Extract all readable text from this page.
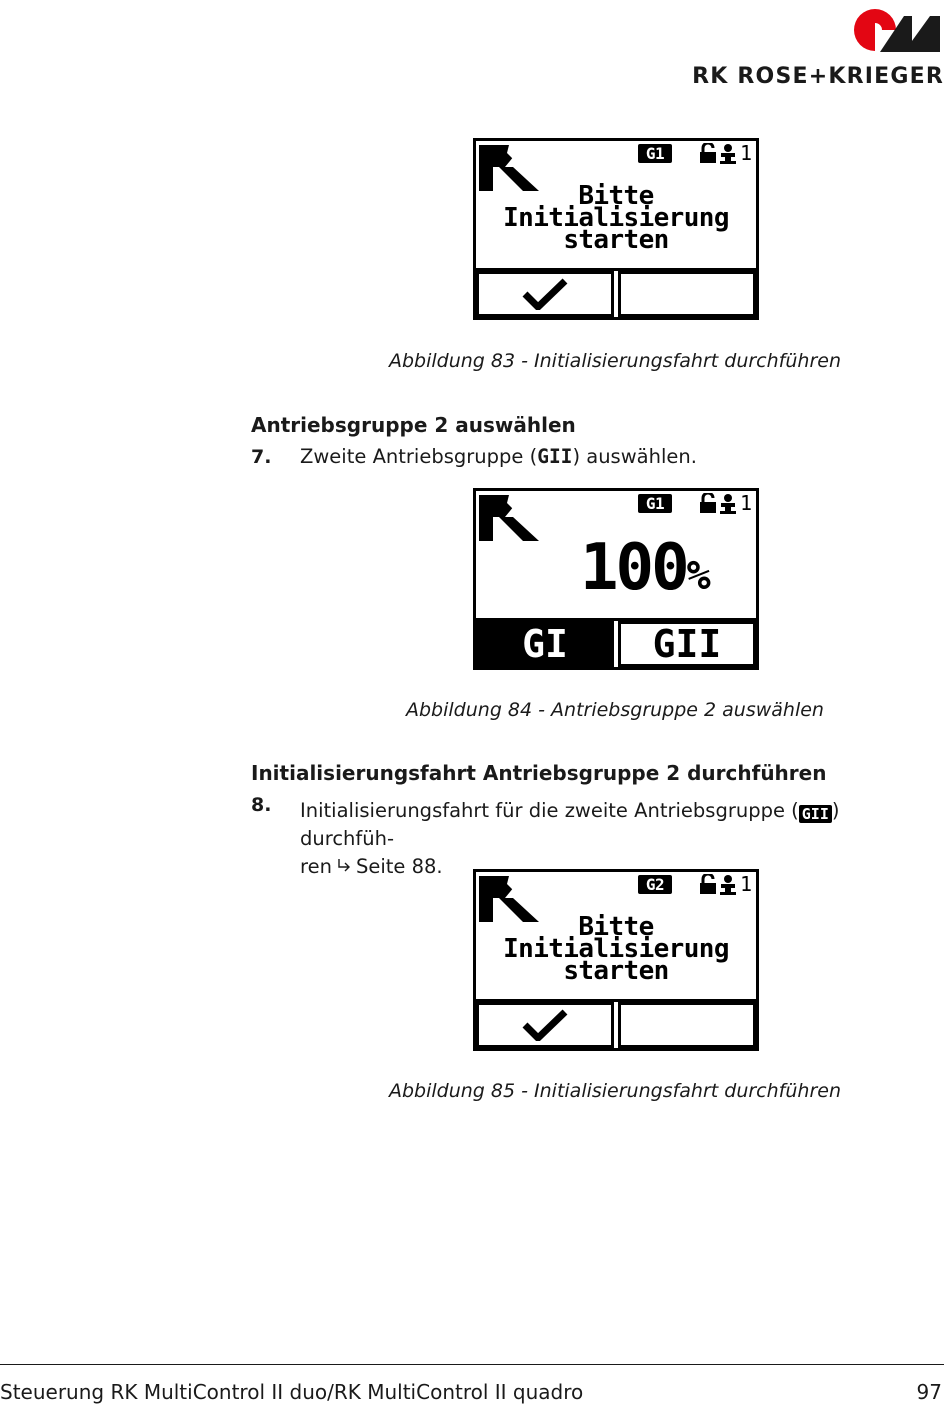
RK ROSE+KRIEGER
G1	1
Bitte
Initialisierung
starten
Abbildung 83 - Initialisierungsfahrt durchführen
Antriebsgruppe 2 auswählen
7. Zweite Antriebsgruppe (GII) auswählen.
G1	1
100%
GI	GII
Abbildung 84 - Antriebsgruppe 2 auswählen
Initialisierungsfahrt Antriebsgruppe 2 durchführen
8. Initialisierungsfahrt für die zweite Antriebsgruppe ( GII ) durchfüh-
ren Seite 88.
G2	1
Bitte
Initialisierung
starten
Abbildung 85 - Initialisierungsfahrt durchführen
Steuerung RK MultiControl II duo/RK MultiControl II quadro	97
